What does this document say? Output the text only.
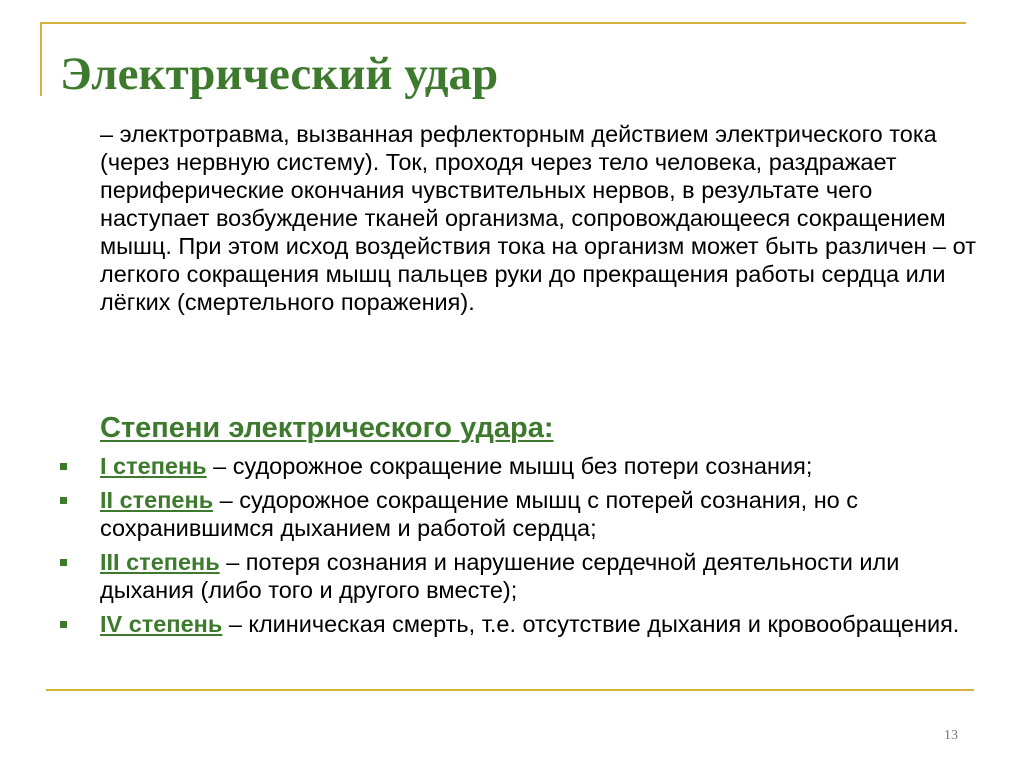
Электрический удар

– электротравма, вызванная рефлекторным действием электрического тока (через нервную систему). Ток, проходя через тело человека, раздражает периферические окончания чувствительных нервов, в результате чего наступает возбуждение тканей организма, сопровождающееся сокращением мышц. При этом исход воздействия тока на организм может быть различен – от легкого сокращения мышц пальцев руки до прекращения работы сердца или лёгких (смертельного поражения).

Степени электрического удара:
I степень – судорожное сокращение мышц без потери сознания;
II степень – судорожное сокращение мышц с потерей сознания, но с сохранившимся дыханием и работой сердца;
III степень – потеря сознания и нарушение сердечной деятельности или дыхания (либо того и другого вместе);
IV степень – клиническая смерть, т.е. отсутствие дыхания и кровообращения.
13
